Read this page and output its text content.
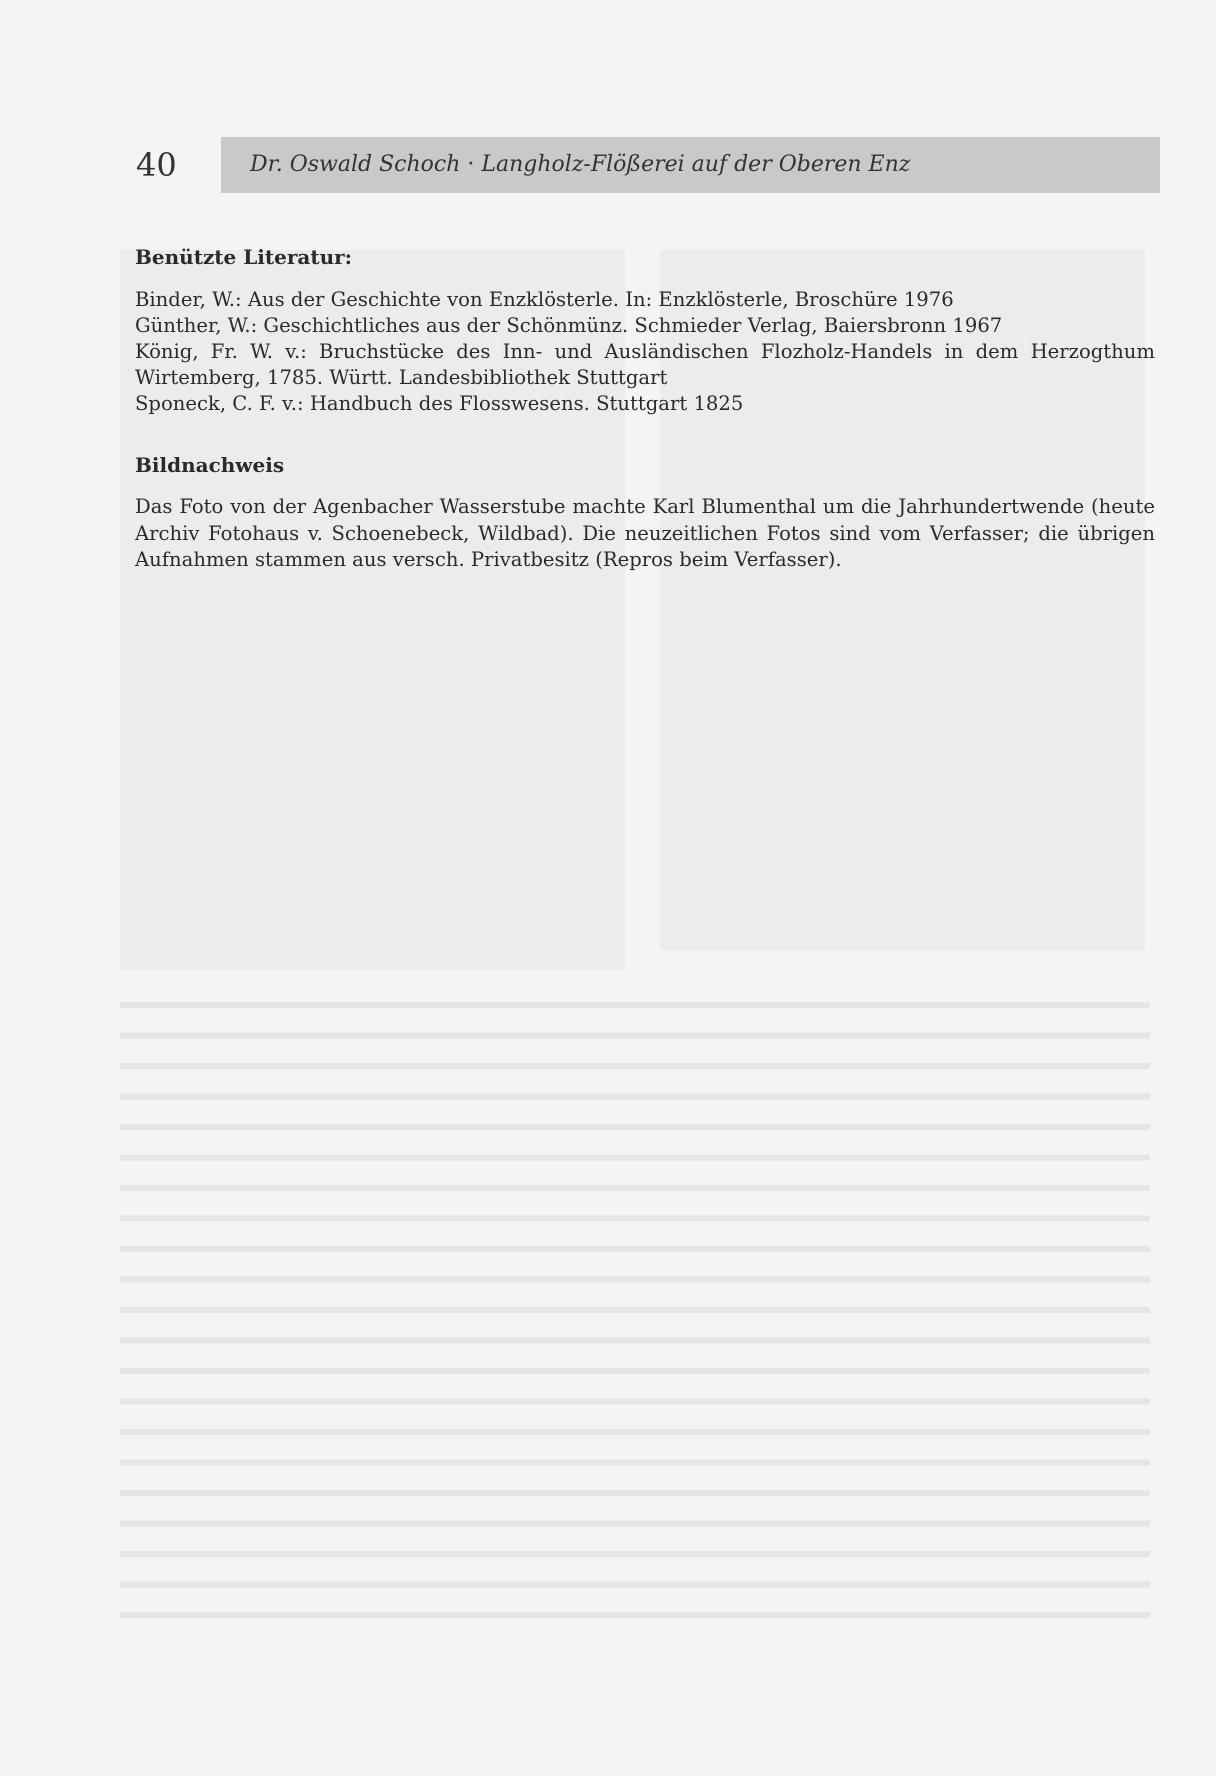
40	Dr. Oswald Schoch · Langholz-Flößerei auf der Oberen Enz
Benützte Literatur:

Binder, W.: Aus der Geschichte von Enzklösterle. In: Enzklösterle, Broschüre 1976

Günther, W.: Geschichtliches aus der Schönmünz. Schmieder Verlag, Baiersbronn 1967

König, Fr. W. v.: Bruchstücke des Inn- und Ausländischen Flozholz-Handels in dem Herzogthum Wirtemberg, 1785. Württ. Landesbibliothek Stuttgart

Sponeck, C. F. v.: Handbuch des Flosswesens. Stuttgart 1825

Bildnachweis

Das Foto von der Agenbacher Wasserstube machte Karl Blumenthal um die Jahrhundertwende (heute Archiv Fotohaus v. Schoenebeck, Wildbad). Die neuzeitlichen Fotos sind vom Verfasser; die übrigen Aufnahmen stammen aus versch. Privatbesitz (Repros beim Verfasser).
